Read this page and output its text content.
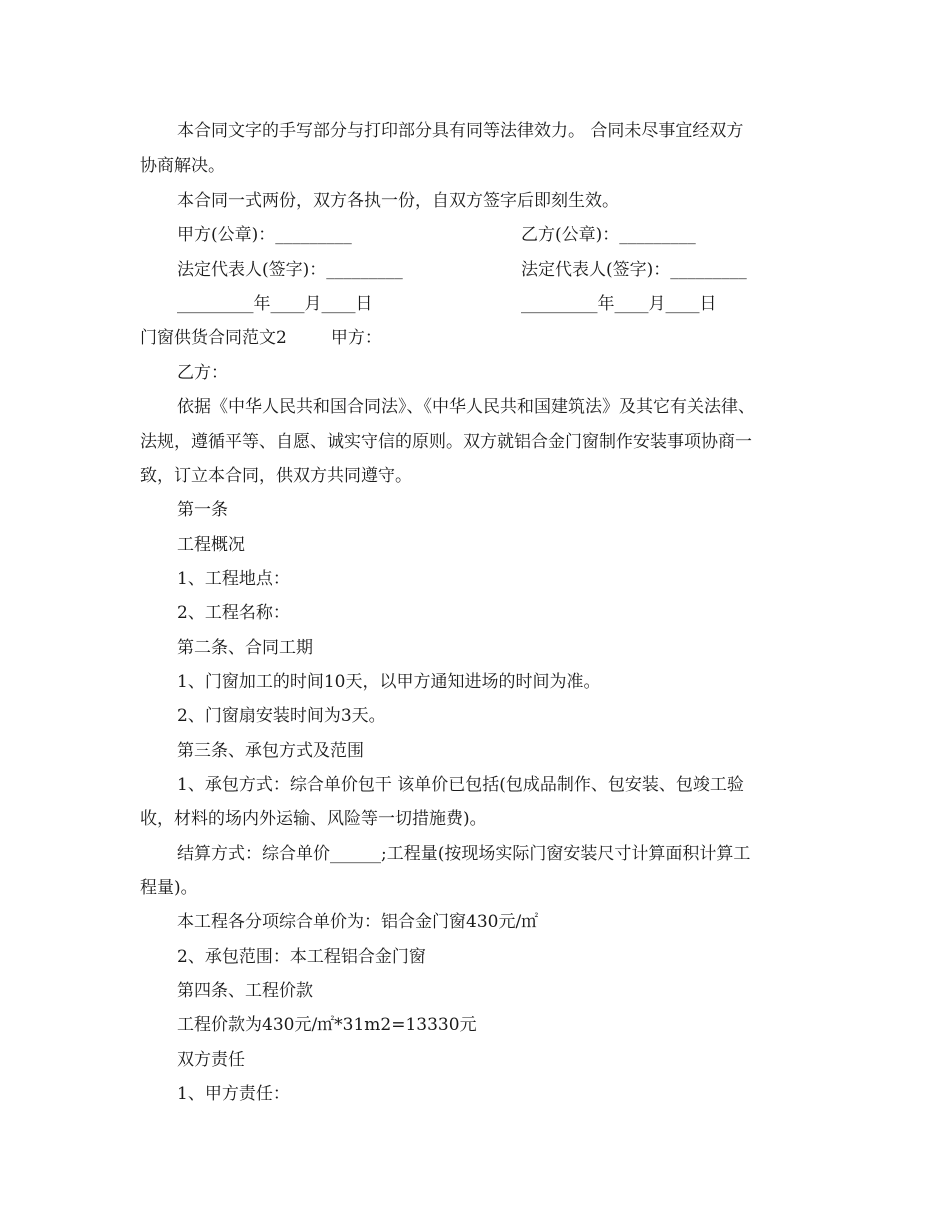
本合同文字的手写部分与打印部分具有同等法律效力。 合同未尽事宜经双方
协商解决。
本合同一式两份，双方各执一份，自双方签字后即刻生效。
甲方(公章)：_________	乙方(公章)：_________
法定代表人(签字)：_________	法定代表人(签字)：_________
_________年____月____日	_________年____月____日
门窗供货合同范文2	甲方：
乙方：
依据《中华人民共和国合同法》、《中华人民共和国建筑法》及其它有关法律、
法规，遵循平等、自愿、诚实守信的原则。双方就铝合金门窗制作安装事项协商一
致，订立本合同，供双方共同遵守。
第一条
工程概况
1、工程地点：
2、工程名称：
第二条、合同工期
1、门窗加工的时间10天，以甲方通知进场的时间为准。
2、门窗扇安装时间为3天。
第三条、承包方式及范围
1、承包方式：综合单价包干 该单价已包括(包成品制作、包安装、包竣工验
收，材料的场内外运输、风险等一切措施费)。
结算方式：综合单价______;工程量(按现场实际门窗安装尺寸计算面积计算工
程量)。
本工程各分项综合单价为：铝合金门窗430元/㎡
2、承包范围：本工程铝合金门窗
第四条、工程价款
工程价款为430元/㎡*31m2=13330元
双方责任
1、甲方责任：
